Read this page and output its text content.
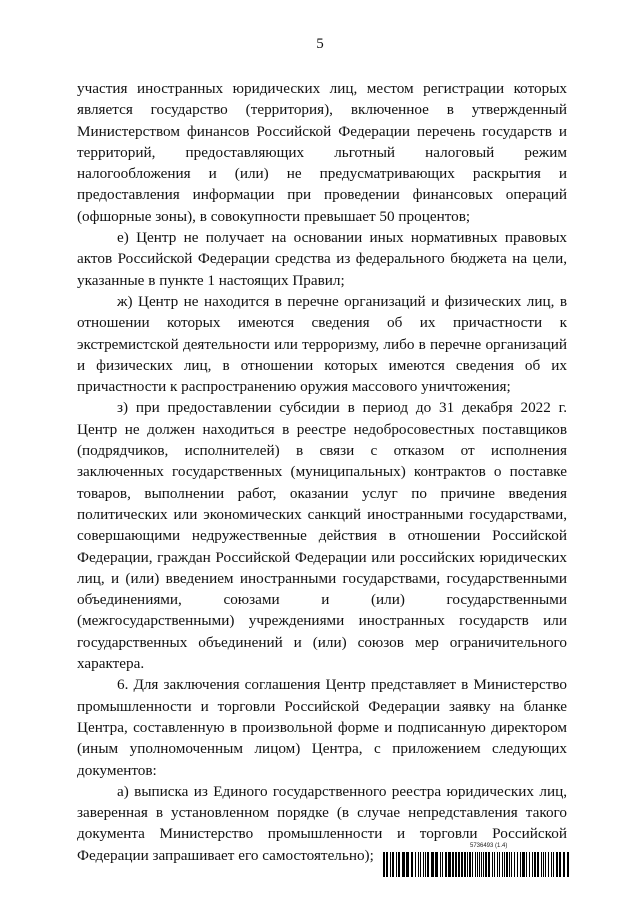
5

участия иностранных юридических лиц, местом регистрации которых является государство (территория), включенное в утвержденный Министерством финансов Российской Федерации перечень государств и территорий, предоставляющих льготный налоговый режим налогообложения и (или) не предусматривающих раскрытия и предоставления информации при проведении финансовых операций (офшорные зоны), в совокупности превышает 50 процентов;

е) Центр не получает на основании иных нормативных правовых актов Российской Федерации средства из федерального бюджета на цели, указанные в пункте 1 настоящих Правил;

ж) Центр не находится в перечне организаций и физических лиц, в отношении которых имеются сведения об их причастности к экстремистской деятельности или терроризму, либо в перечне организаций и физических лиц, в отношении которых имеются сведения об их причастности к распространению оружия массового уничтожения;

з) при предоставлении субсидии в период до 31 декабря 2022 г. Центр не должен находиться в реестре недобросовестных поставщиков (подрядчиков, исполнителей) в связи с отказом от исполнения заключенных государственных (муниципальных) контрактов о поставке товаров, выполнении работ, оказании услуг по причине введения политических или экономических санкций иностранными государствами, совершающими недружественные действия в отношении Российской Федерации, граждан Российской Федерации или российских юридических лиц, и (или) введением иностранными государствами, государственными объединениями, союзами и (или) государственными (межгосударственными) учреждениями иностранных государств или государственных объединений и (или) союзов мер ограничительного характера.

6. Для заключения соглашения Центр представляет в Министерство промышленности и торговли Российской Федерации заявку на бланке Центра, составленную в произвольной форме и подписанную директором (иным уполномоченным лицом) Центра, с приложением следующих документов:

а) выписка из Единого государственного реестра юридических лиц, заверенная в установленном порядке (в случае непредставления такого документа Министерство промышленности и торговли Российской Федерации запрашивает его самостоятельно);

5736493 (1.4)
